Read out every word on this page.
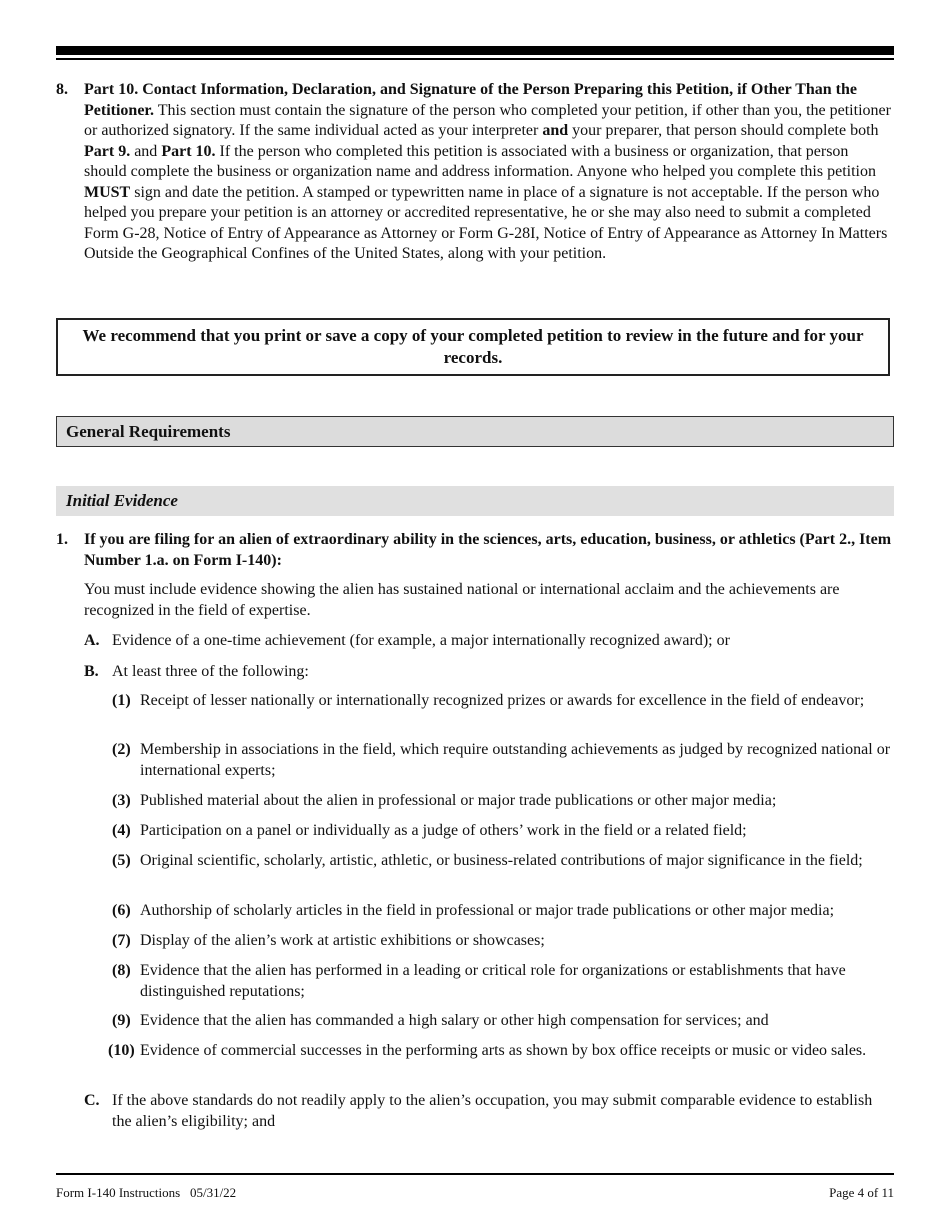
8. Part 10. Contact Information, Declaration, and Signature of the Person Preparing this Petition, if Other Than the Petitioner. This section must contain the signature of the person who completed your petition, if other than you, the petitioner or authorized signatory. If the same individual acted as your interpreter and your preparer, that person should complete both Part 9. and Part 10. If the person who completed this petition is associated with a business or organization, that person should complete the business or organization name and address information. Anyone who helped you complete this petition MUST sign and date the petition. A stamped or typewritten name in place of a signature is not acceptable. If the person who helped you prepare your petition is an attorney or accredited representative, he or she may also need to submit a completed Form G-28, Notice of Entry of Appearance as Attorney or Form G-28I, Notice of Entry of Appearance as Attorney In Matters Outside the Geographical Confines of the United States, along with your petition.
We recommend that you print or save a copy of your completed petition to review in the future and for your records.
General Requirements
Initial Evidence
1. If you are filing for an alien of extraordinary ability in the sciences, arts, education, business, or athletics (Part 2., Item Number 1.a. on Form I-140):
You must include evidence showing the alien has sustained national or international acclaim and the achievements are recognized in the field of expertise.
A. Evidence of a one-time achievement (for example, a major internationally recognized award); or
B. At least three of the following:
(1) Receipt of lesser nationally or internationally recognized prizes or awards for excellence in the field of endeavor;
(2) Membership in associations in the field, which require outstanding achievements as judged by recognized national or international experts;
(3) Published material about the alien in professional or major trade publications or other major media;
(4) Participation on a panel or individually as a judge of others’ work in the field or a related field;
(5) Original scientific, scholarly, artistic, athletic, or business-related contributions of major significance in the field;
(6) Authorship of scholarly articles in the field in professional or major trade publications or other major media;
(7) Display of the alien’s work at artistic exhibitions or showcases;
(8) Evidence that the alien has performed in a leading or critical role for organizations or establishments that have distinguished reputations;
(9) Evidence that the alien has commanded a high salary or other high compensation for services; and
(10) Evidence of commercial successes in the performing arts as shown by box office receipts or music or video sales.
C. If the above standards do not readily apply to the alien’s occupation, you may submit comparable evidence to establish the alien’s eligibility; and
Form I-140 Instructions   05/31/22	Page 4 of 11
